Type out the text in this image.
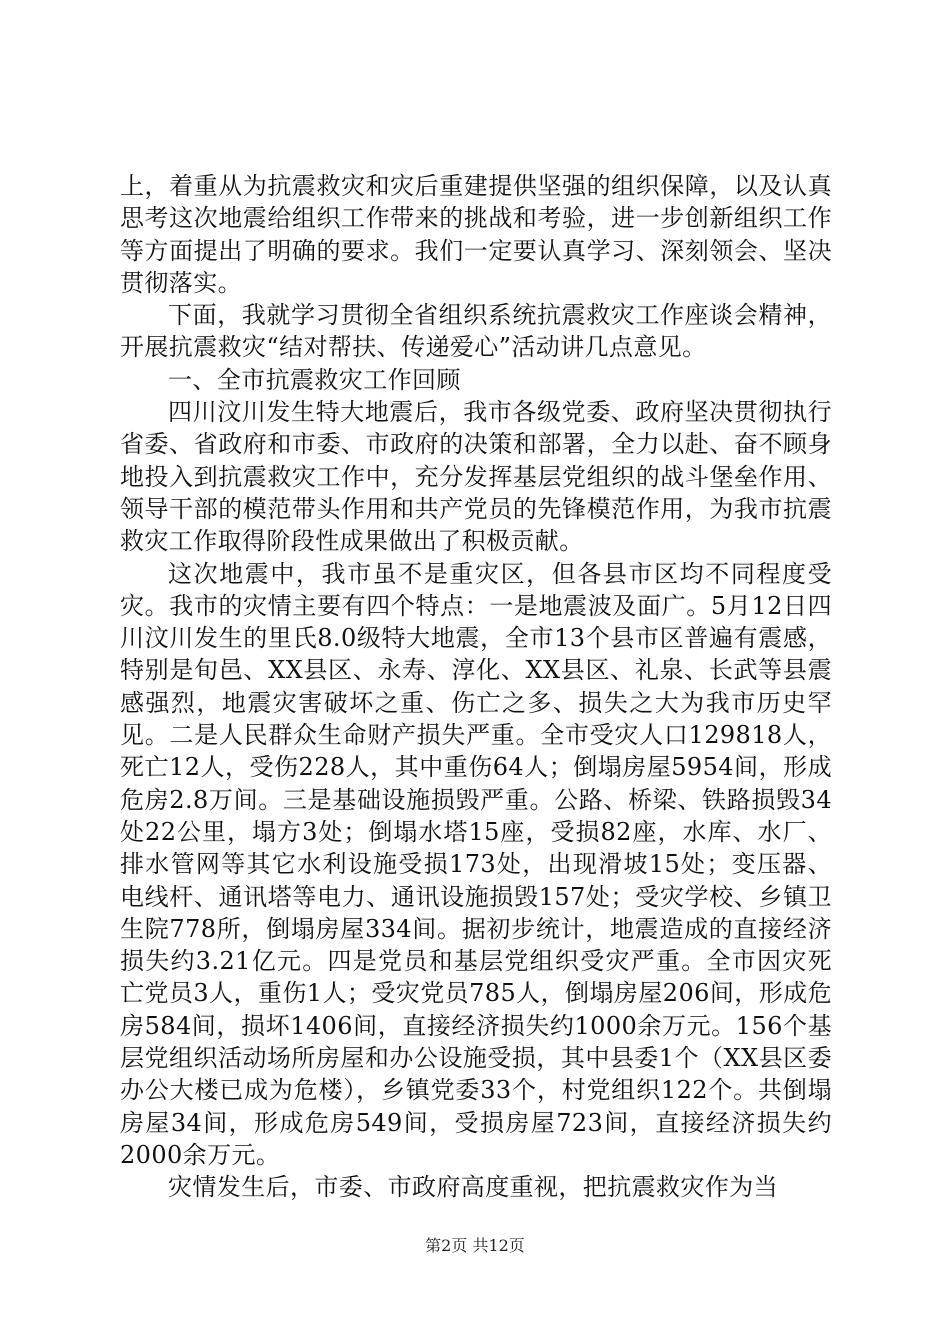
上，着重从为抗震救灾和灾后重建提供坚强的组织保障，以及认真思考这次地震给组织工作带来的挑战和考验，进一步创新组织工作等方面提出了明确的要求。我们一定要认真学习、深刻领会、坚决贯彻落实。

下面，我就学习贯彻全省组织系统抗震救灾工作座谈会精神，开展抗震救灾“结对帮扶、传递爱心”活动讲几点意见。

一、全市抗震救灾工作回顾

四川汶川发生特大地震后，我市各级党委、政府坚决贯彻执行省委、省政府和市委、市政府的决策和部署，全力以赴、奋不顾身地投入到抗震救灾工作中，充分发挥基层党组织的战斗堡垒作用、领导干部的模范带头作用和共产党员的先锋模范作用，为我市抗震救灾工作取得阶段性成果做出了积极贡献。

这次地震中，我市虽不是重灾区，但各县市区均不同程度受灾。我市的灾情主要有四个特点：一是地震波及面广。5月12日四川汶川发生的里氏8.0级特大地震，全市13个县市区普遍有震感，特别是旬邑、XX县区、永寿、淳化、XX县区、礼泉、长武等县震感强烈，地震灾害破坏之重、伤亡之多、损失之大为我市历史罕见。二是人民群众生命财产损失严重。全市受灾人口129818人，死亡12人，受伤228人，其中重伤64人；倒塌房屋5954间，形成危房2.8万间。三是基础设施损毁严重。公路、桥梁、铁路损毁34处22公里，塌方3处；倒塌水塔15座，受损82座，水库、水厂、排水管网等其它水利设施受损173处，出现滑坡15处；变压器、电线杆、通讯塔等电力、通讯设施损毁157处；受灾学校、乡镇卫生院778所，倒塌房屋334间。据初步统计，地震造成的直接经济损失约3.21亿元。四是党员和基层党组织受灾严重。全市因灾死亡党员3人，重伤1人；受灾党员785人，倒塌房屋206间，形成危房584间，损坏1406间，直接经济损失约1000余万元。156个基层党组织活动场所房屋和办公设施受损，其中县委1个（XX县区委办公大楼已成为危楼），乡镇党委33个，村党组织122个。共倒塌房屋34间，形成危房549间，受损房屋723间，直接经济损失约2000余万元。

灾情发生后，市委、市政府高度重视，把抗震救灾作为当

第2页 共12页
